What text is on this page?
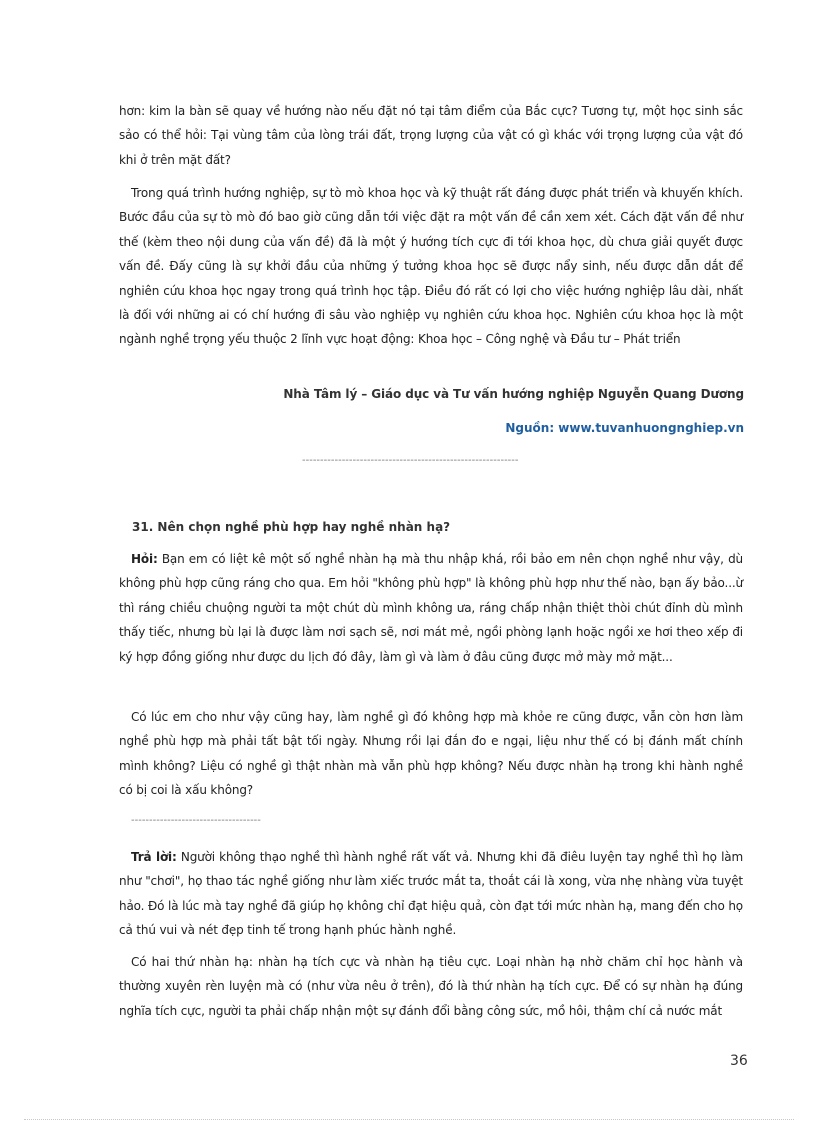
hơn: kim la bàn sẽ quay về hướng nào nếu đặt nó tại tâm điểm của Bắc cực? Tương tự, một học sinh sắc sảo có thể hỏi: Tại vùng tâm của lòng trái đất, trọng lượng của vật có gì khác với trọng lượng của vật đó khi ở trên mặt đất?

Trong quá trình hướng nghiệp, sự tò mò khoa học và kỹ thuật rất đáng được phát triển và khuyến khích. Bước đầu của sự tò mò đó bao giờ cũng dẫn tới việc đặt ra một vấn đề cần xem xét. Cách đặt vấn đề như thế (kèm theo nội dung của vấn đề) đã là một ý hướng tích cực đi tới khoa học, dù chưa giải quyết được vấn đề. Đấy cũng là sự khởi đầu của những ý tưởng khoa học sẽ được nẩy sinh, nếu được dẫn dắt để nghiên cứu khoa học ngay trong quá trình học tập. Điều đó rất có lợi cho việc hướng nghiệp lâu dài, nhất là đối với những ai có chí hướng đi sâu vào nghiệp vụ nghiên cứu khoa học. Nghiên cứu khoa học là một ngành nghề trọng yếu thuộc 2 lĩnh vực hoạt động: Khoa học – Công nghệ và Đầu tư – Phát triển

Nhà Tâm lý – Giáo dục và Tư vấn hướng nghiệp Nguyễn Quang Dương

Nguồn: www.tuvanhuongnghiep.vn

------------------------------------------------------------

31. Nên chọn nghề phù hợp hay nghề nhàn hạ?

Hỏi: Bạn em có liệt kê một số nghề nhàn hạ mà thu nhập khá, rồi bảo em nên chọn nghề như vậy, dù không phù hợp cũng ráng cho qua. Em hỏi "không phù hợp" là không phù hợp như thế nào, bạn ấy bảo...ừ thì ráng chiều chuộng người ta một chút dù mình không ưa, ráng chấp nhận thiệt thòi chút đỉnh dù mình thấy tiếc, nhưng bù lại là được làm nơi sạch sẽ, nơi mát mẻ, ngồi phòng lạnh hoặc ngồi xe hơi theo xếp đi ký hợp đồng giống như được du lịch đó đây, làm gì và làm ở đâu cũng được mở mày mở mặt...

Có lúc em cho như vậy cũng hay, làm nghề gì đó không hợp mà khỏe re cũng được, vẫn còn hơn làm nghề phù hợp mà phải tất bật tối ngày. Nhưng rồi lại đắn đo e ngại, liệu như thế có bị đánh mất chính mình không? Liệu có nghề gì thật nhàn mà vẫn phù hợp không? Nếu được nhàn hạ trong khi hành nghề có bị coi là xấu không?

------------------------------------

Trả lời: Người không thạo nghề thì hành nghề rất vất vả. Nhưng khi đã điêu luyện tay nghề thì họ làm như "chơi", họ thao tác nghề giống như làm xiếc trước mắt ta, thoắt cái là xong, vừa nhẹ nhàng vừa tuyệt hảo. Đó là lúc mà tay nghề đã giúp họ không chỉ đạt hiệu quả, còn đạt tới mức nhàn hạ, mang đến cho họ cả thú vui và nét đẹp tinh tế trong hạnh phúc hành nghề.

Có hai thứ nhàn hạ: nhàn hạ tích cực và nhàn hạ tiêu cực. Loại nhàn hạ nhờ chăm chỉ học hành và thường xuyên rèn luyện mà có (như vừa nêu ở trên), đó là thứ nhàn hạ tích cực. Để có sự nhàn hạ đúng nghĩa tích cực, người ta phải chấp nhận một sự đánh đổi bằng công sức, mồ hôi, thậm chí cả nước mắt

36
